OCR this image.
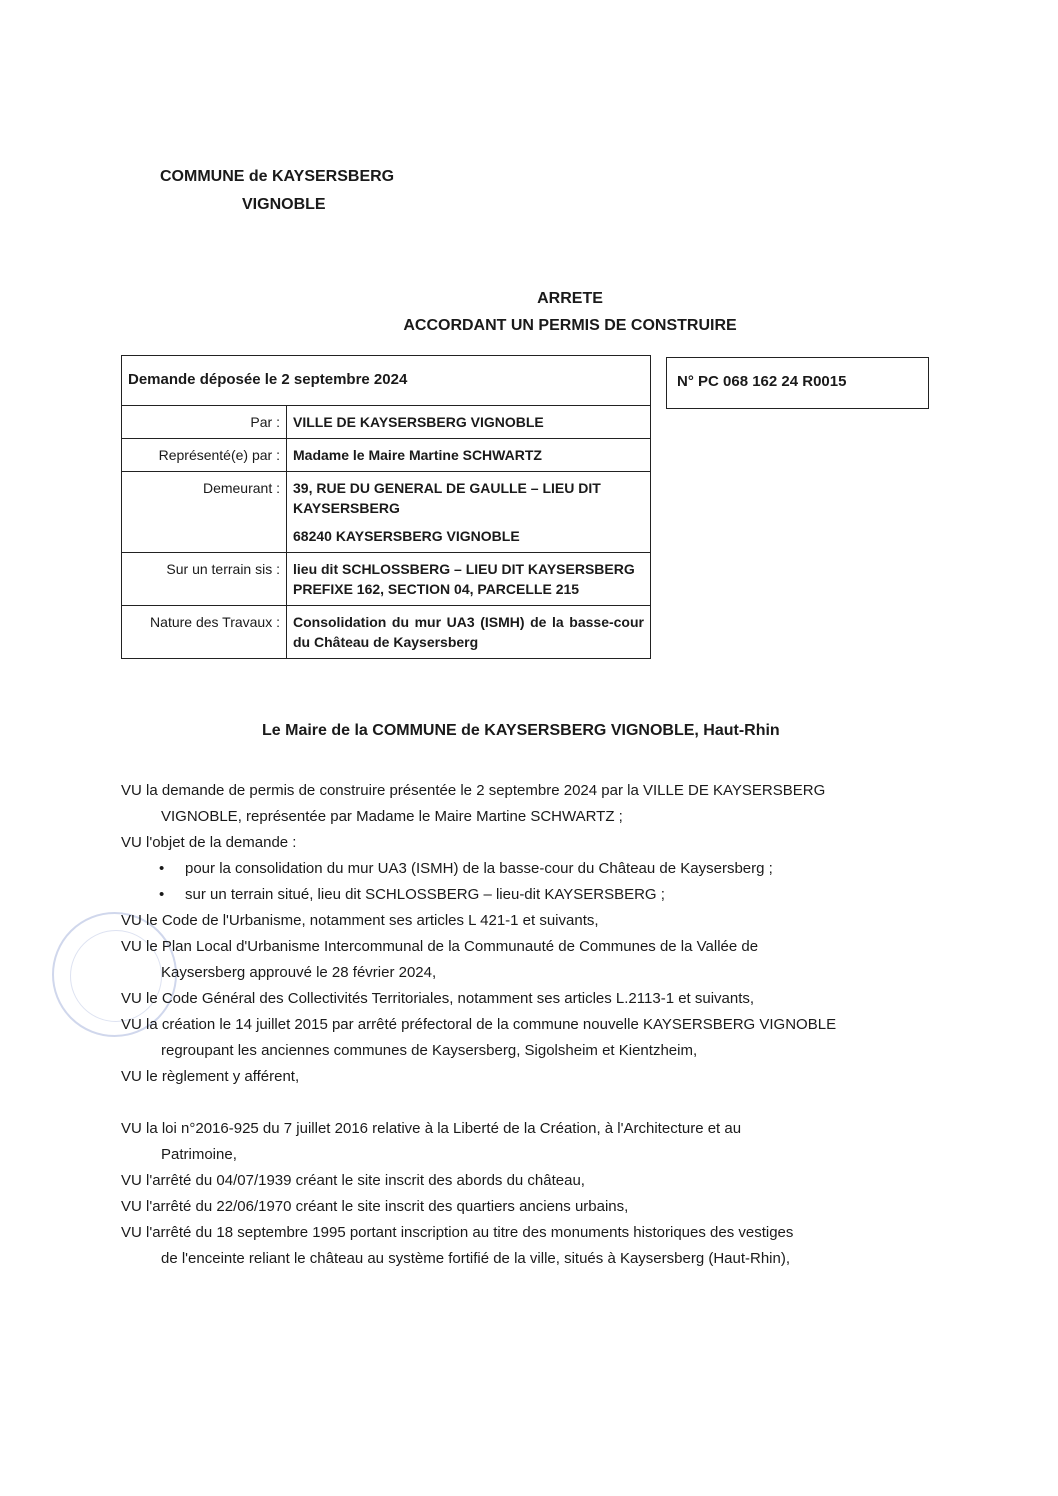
COMMUNE de KAYSERSBERG
VIGNOBLE
ARRETE
ACCORDANT UN PERMIS DE CONSTRUIRE
Demande déposée le 2 septembre 2024	
Par :	VILLE DE KAYSERSBERG VIGNOBLE
Représenté(e) par :	Madame le Maire Martine SCHWARTZ
Demeurant :	39, RUE DU GENERAL DE GAULLE – LIEU DIT KAYSERSBERG
68240 KAYSERSBERG VIGNOBLE

Sur un terrain sis :	lieu dit SCHLOSSBERG – LIEU DIT KAYSERSBERG PREFIXE 162, SECTION 04, PARCELLE 215
Nature des Travaux :	Consolidation du mur UA3 (ISMH) de la basse-cour du Château de Kaysersberg
N° PC 068 162 24 R0015
Le Maire de la COMMUNE de KAYSERSBERG VIGNOBLE, Haut-Rhin
VU la demande de permis de construire présentée le 2 septembre 2024 par la VILLE DE KAYSERSBERG
VIGNOBLE, représentée par Madame le Maire Martine SCHWARTZ ;
VU l'objet de la demande :
• pour la consolidation du mur UA3 (ISMH) de la basse-cour du Château de Kaysersberg ;
• sur un terrain situé, lieu dit SCHLOSSBERG – lieu-dit KAYSERSBERG ;
VU le Code de l'Urbanisme, notamment ses articles L 421-1 et suivants,
VU le Plan Local d'Urbanisme Intercommunal de la Communauté de Communes de la Vallée de
Kaysersberg approuvé le 28 février 2024,
VU le Code Général des Collectivités Territoriales, notamment ses articles L.2113-1 et suivants,
VU la création le 14 juillet 2015 par arrêté préfectoral de la commune nouvelle KAYSERSBERG VIGNOBLE
regroupant les anciennes communes de Kaysersberg, Sigolsheim et Kientzheim,
VU le règlement y afférent,
VU la loi n°2016-925 du 7 juillet 2016 relative à la Liberté de la Création, à l'Architecture et au
Patrimoine,
VU l'arrêté du 04/07/1939 créant le site inscrit des abords du château,
VU l'arrêté du 22/06/1970 créant le site inscrit des quartiers anciens urbains,
VU l'arrêté du 18 septembre 1995 portant inscription au titre des monuments historiques des vestiges
de l'enceinte reliant le château au système fortifié de la ville, situés à Kaysersberg (Haut-Rhin),
